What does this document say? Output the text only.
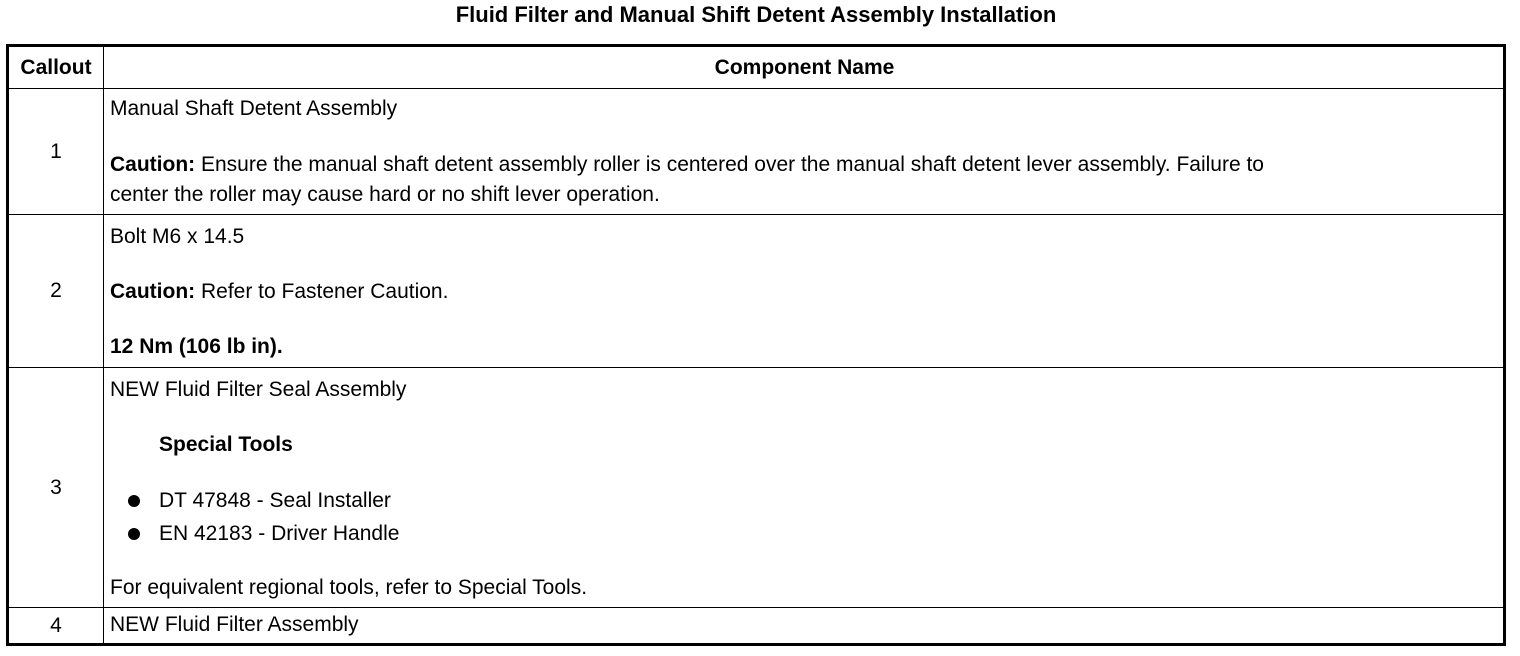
Fluid Filter and Manual Shift Detent Assembly Installation
Callout	Component Name
1
Manual Shaft Detent Assembly
Caution: Ensure the manual shaft detent assembly roller is centered over the manual shaft detent lever assembly. Failure to
center the roller may cause hard or no shift lever operation.
2
Bolt M6 x 14.5
Caution: Refer to Fastener Caution.
12 Nm (106 lb in).
3
NEW Fluid Filter Seal Assembly
Special Tools
DT 47848 - Seal Installer
EN 42183 - Driver Handle
For equivalent regional tools, refer to Special Tools.
4	NEW Fluid Filter Assembly
